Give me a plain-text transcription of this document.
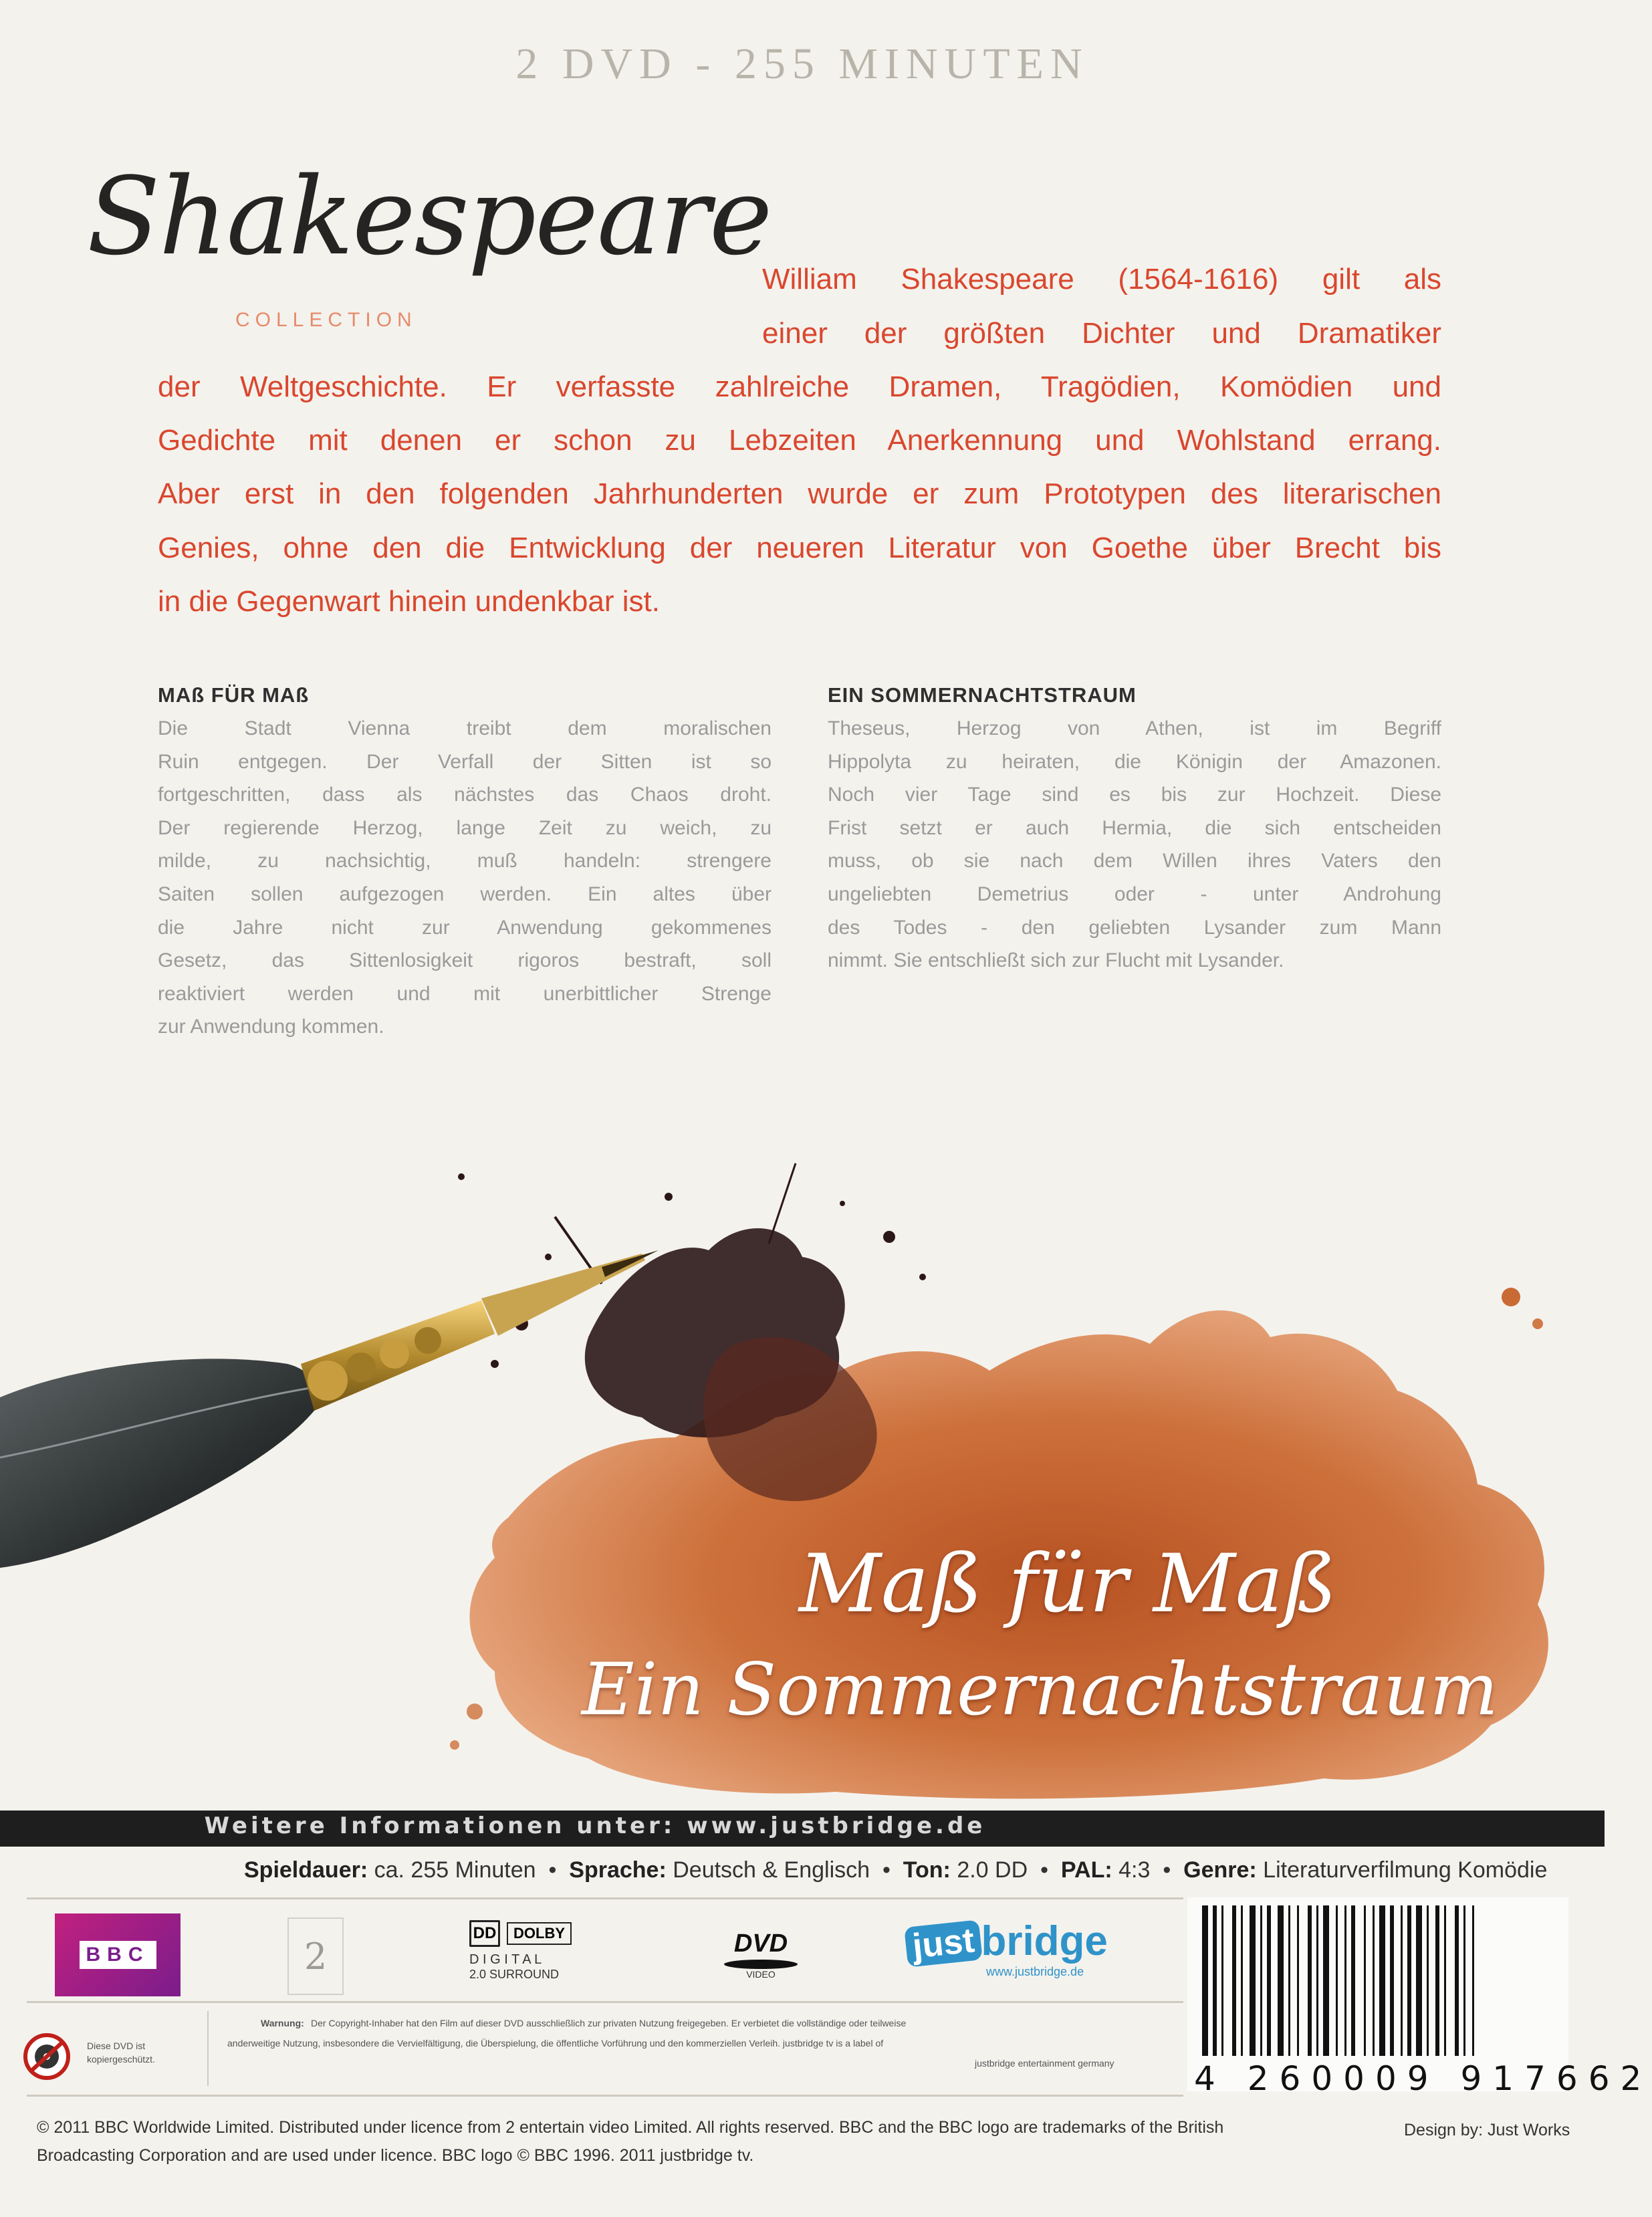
2 DVD - 255 MINUTEN
Shakespeare
COLLECTION
William Shakespeare (1564-1616) gilt als
einer der größten Dichter und Dramatiker
der Weltgeschichte. Er verfasste zahlreiche Dramen, Tragödien, Komödien und
Gedichte mit denen er schon zu Lebzeiten Anerkennung und Wohlstand errang.
Aber erst in den folgenden Jahrhunderten wurde er zum Prototypen des literarischen
Genies, ohne den die Entwicklung der neueren Literatur von Goethe über Brecht bis
in die Gegenwart hinein undenkbar ist.
MAß FÜR MAß	EIN SOMMERNACHTSTRAUM
Die Stadt Vienna treibt dem moralischen
Ruin entgegen. Der Verfall der Sitten ist so
fortgeschritten, dass als nächstes das Chaos droht.
Der regierende Herzog, lange Zeit zu weich, zu
milde, zu nachsichtig, muß handeln: strengere
Saiten sollen aufgezogen werden. Ein altes über
die Jahre nicht zur Anwendung gekommenes
Gesetz, das Sittenlosigkeit rigoros bestraft, soll
reaktiviert werden und mit unerbittlicher Strenge
zur Anwendung kommen.
Theseus, Herzog von Athen, ist im Begriff
Hippolyta zu heiraten, die Königin der Amazonen.
Noch vier Tage sind es bis zur Hochzeit. Diese
Frist setzt er auch Hermia, die sich entscheiden
muss, ob sie nach dem Willen ihres Vaters den
ungeliebten Demetrius oder - unter Androhung
des Todes - den geliebten Lysander zum Mann
nimmt. Sie entschließt sich zur Flucht mit Lysander.
Maß für Maß
Ein Sommernachtstraum
Weitere Informationen unter: www.justbridge.de
Spieldauer: ca. 255 Minuten • Sprache: Deutsch & Englisch • Ton: 2.0 DD • PAL: 4:3 • Genre: Literaturverfilmung Komödie
BBC	2
DD	DOLBY
D I G I T A L
2.0 SURROUND
DVD
VIDEO
just bridge
www.justbridge.de
4 260009 917662
Diese DVD ist
kopiergeschützt.
Warnung: Der Copyright-Inhaber hat den Film auf dieser DVD ausschließlich zur privaten Nutzung freigegeben. Er verbietet die vollständige oder teilweise
anderweitige Nutzung, insbesondere die Vervielfältigung, die Überspielung, die öffentliche Vorführung und den kommerziellen Verleih. justbridge tv is a label of
justbridge entertainment germany
© 2011 BBC Worldwide Limited. Distributed under licence from 2 entertain video Limited. All rights reserved. BBC and the BBC logo are trademarks of the British
Broadcasting Corporation and are used under licence. BBC logo © BBC 1996. 2011 justbridge tv.
Design by: Just Works
